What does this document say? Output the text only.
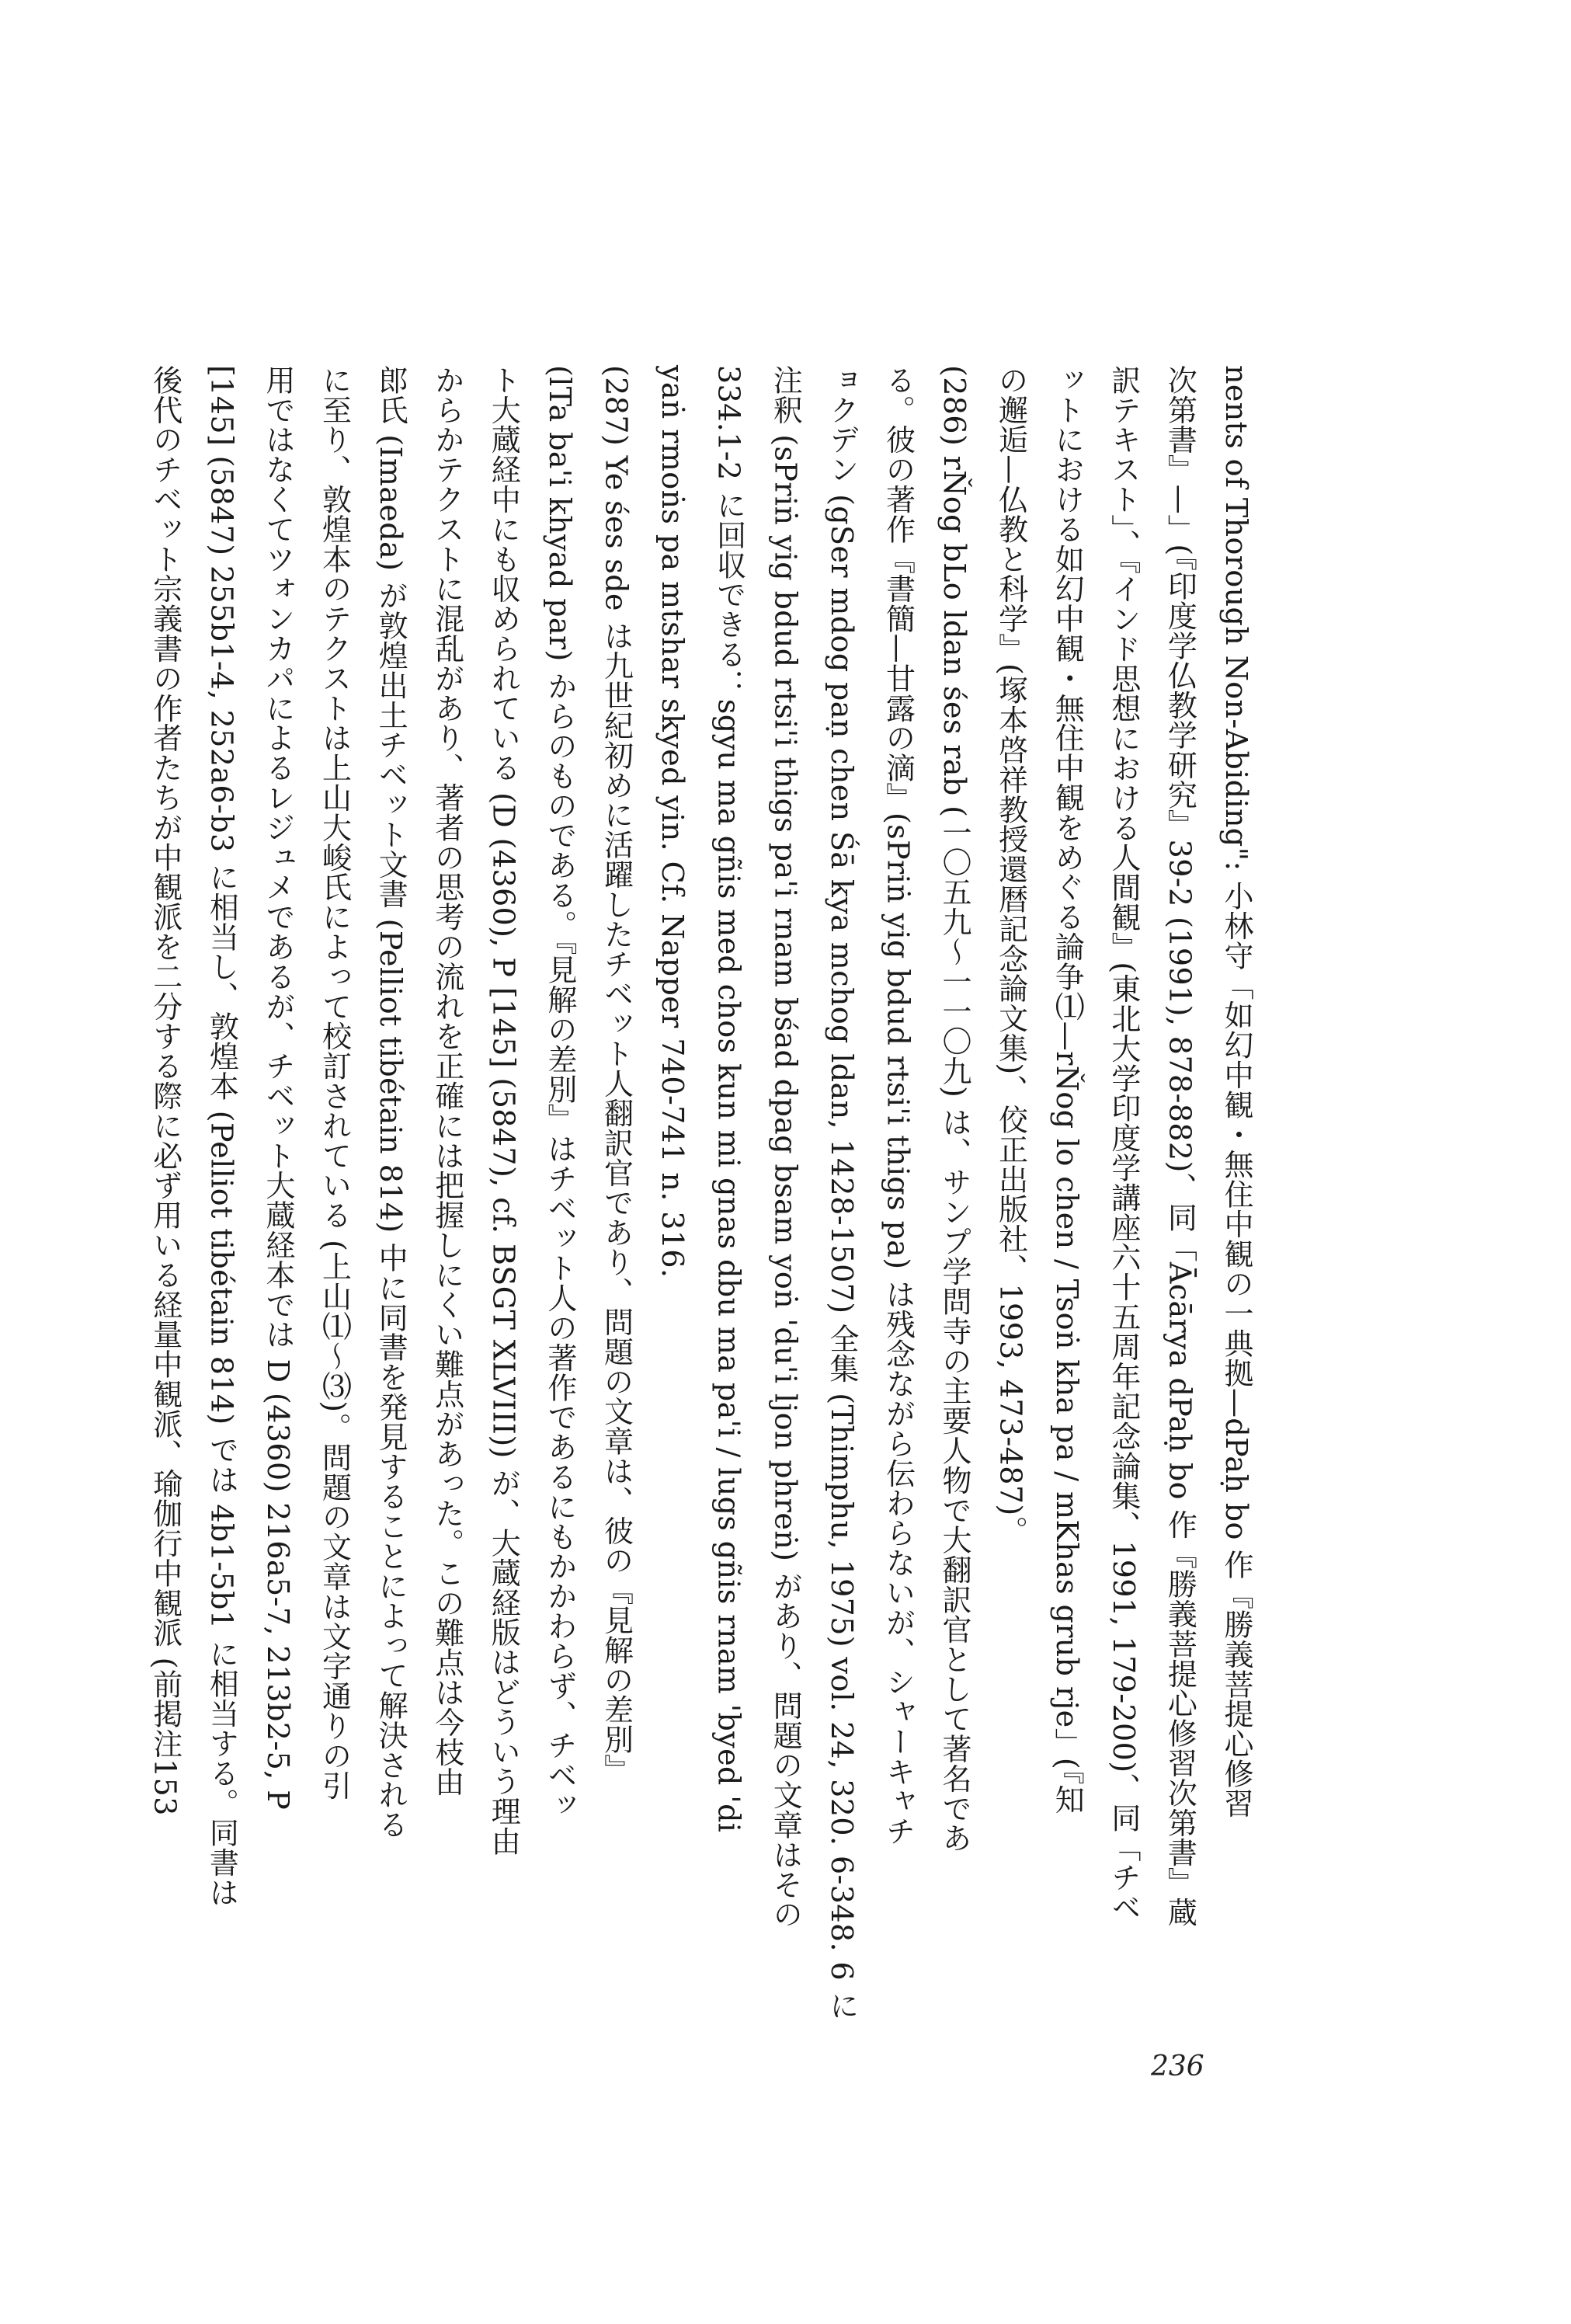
nents of Thorough Non-Abiding": 小林守「如幻中観・無住中観の一典拠—dPaḥ bo 作『勝義菩提心修習
次第書』—」(『印度学仏教学研究』39-2 (1991), 878-882)、同「Ācārya dPaḥ bo 作『勝義菩提心修習次第書』蔵
訳テキスト」、『インド思想における人間観』(東北大学印度学講座六十五周年記念論集、1991, 179-200)、同「チベ
ットにおける如幻中観・無住中観をめぐる論争⑴—rŇog lo chen / Tsoṅ kha pa / mKhas grub rje」(『知
の邂逅—仏教と科学』(塚本啓祥教授還暦記念論文集)、佼正出版社、1993, 473-487)。
(286) rŇog bLo ldan śes rab (一〇五九〜一一〇九) は、サンプ学問寺の主要人物で大翻訳官として著名であ
る。彼の著作『書簡—甘露の滴』(sPriṅ yig bdud rtsi'i thigs pa) は残念ながら伝わらないが、シャーキャチ
ョクデン (gSer mdog paṇ chen Śā kya mchog ldan, 1428-1507) 全集 (Thimphu, 1975) vol. 24, 320. 6-348. 6 に
注釈 (sPriṅ yig bdud rtsi'i thigs pa'i rnam bśad dpag bsam yoṅ 'du'i ljon phreṅ) があり、問題の文章はその
334.1-2 に回収できる：sgyu ma gñis med chos kun mi gnas dbu ma pa'i / lugs gñis rnam 'byed 'di
yaṅ rmoṅs pa mtshar skyed yin. Cf. Napper 740-741 n. 316.
(287) Ye śes sde は九世紀初めに活躍したチベット人翻訳官であり、問題の文章は、彼の『見解の差別』
(lTa ba'i khyad par) からのものである。『見解の差別』はチベット人の著作であるにもかかわらず、チベッ
ト大蔵経中にも収められている (D (4360), P [145] (5847), cf. BSGT XLVIII)) が、大蔵経版はどういう理由
からかテクストに混乱があり、著者の思考の流れを正確には把握しにくい難点があった。この難点は今枝由
郎氏 (Imaeda) が敦煌出土チベット文書 (Pelliot tibétain 814) 中に同書を発見することによって解決される
に至り、敦煌本のテクストは上山大峻氏によって校訂されている (上山⑴〜⑶)。問題の文章は文字通りの引
用ではなくてツォンカパによるレジュメであるが、チベット大蔵経本では D (4360) 216a5-7, 213b2-5, P
[145] (5847) 255b1-4, 252a6-b3 に相当し、敦煌本 (Pelliot tibétain 814) では 4b1-5b1 に相当する。同書は
後代のチベット宗義書の作者たちが中観派を二分する際に必ず用いる経量中観派、瑜伽行中観派 (前掲注153
236
